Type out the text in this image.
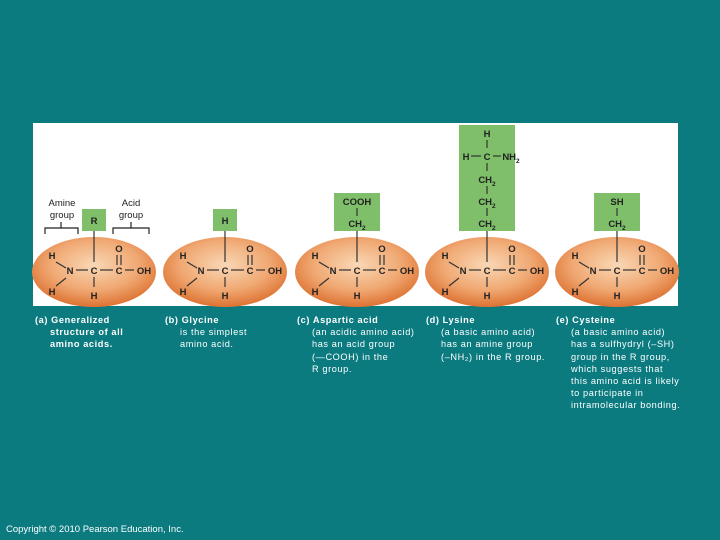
H
H
N C C OH
O
H
R
H
H
N C C OH
O
H
H
H
H
N C C OH
O
H
COOH
$CH_2$
H
H
N C C OH
O
H
H
H C $NH_2$
$CH_2$
$CH_2$
$CH_2$
H
H
N C C OH
O
H
SH
$CH_2$
Amine
group
Acid
group
(a) Generalized
structure of all
amino acids.
(b) Glycine
is the simplest
amino acid.
(c) Aspartic acid
(an acidic amino acid)
has an acid group
(—COOH) in the
R group.
(d) Lysine
(a basic amino acid)
has an amine group
(–NH₂) in the R group.
(e) Cysteine
(a basic amino acid)
has a sulfhydryl (–SH)
group in the R group,
which suggests that
this amino acid is likely
to participate in
intramolecular bonding.
Copyright © 2010 Pearson Education, Inc.
